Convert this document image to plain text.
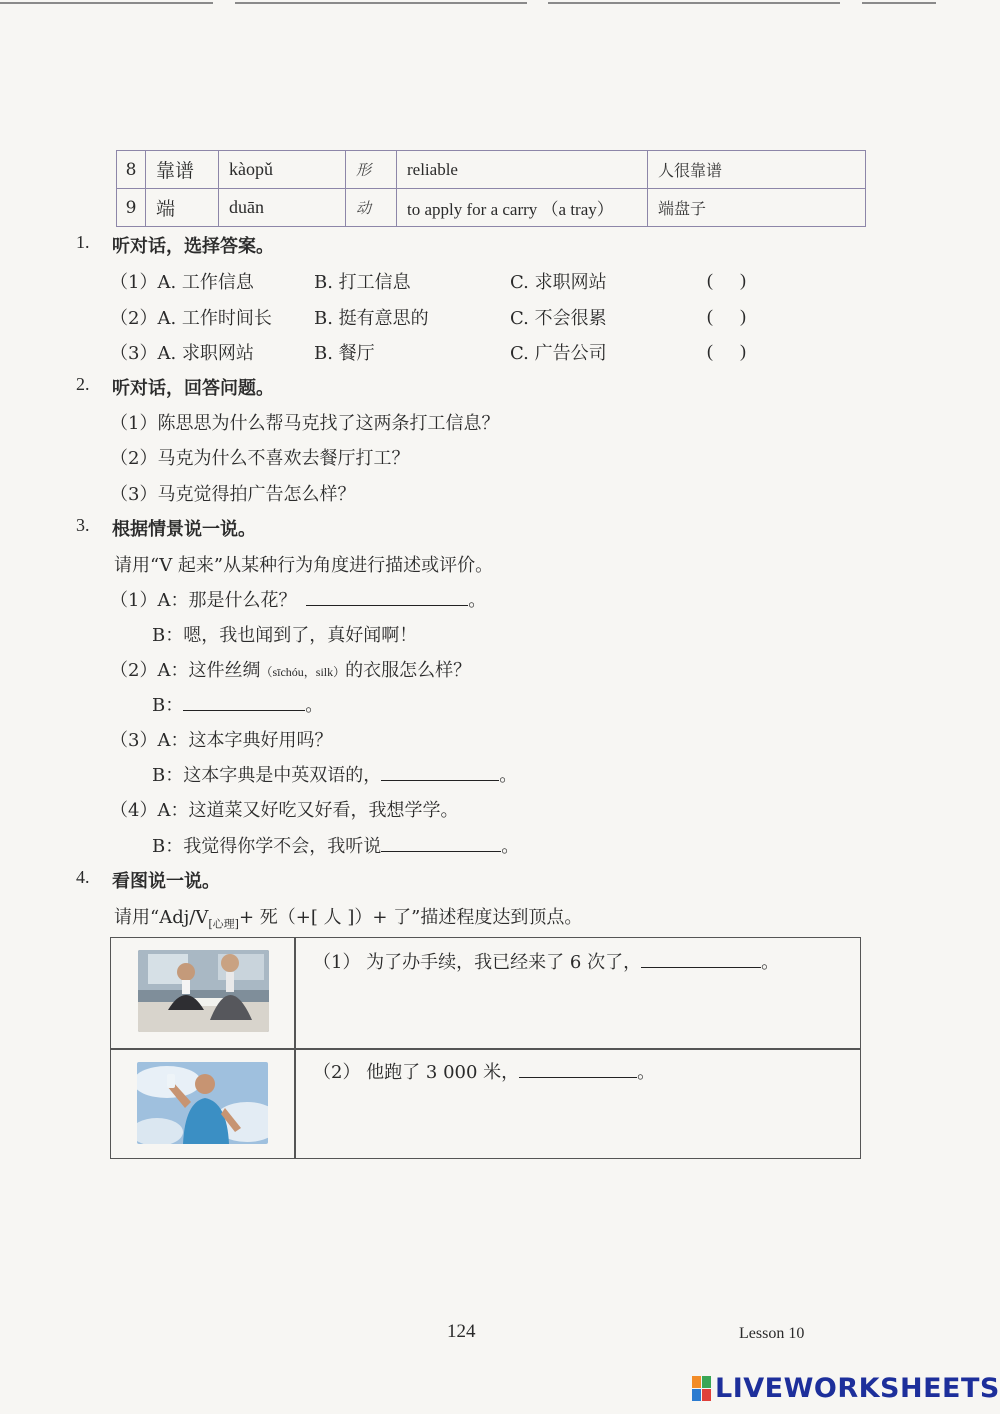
8	靠谱	kàopǔ	形	reliable	人很靠谱
9	端	duān	动	to apply for a carry （a tray）	端盘子
1. 听对话，选择答案。
（1）A. 工作信息	B. 打工信息	C. 求职网站	(      )
（2）A. 工作时间长 B. 挺有意思的	C. 不会很累	(      )
（3）A. 求职网站	B. 餐厅	C. 广告公司	(      )
2. 听对话，回答问题。
（1）陈思思为什么帮马克找了这两条打工信息？
（2）马克为什么不喜欢去餐厅打工？
（3）马克觉得拍广告怎么样？
3. 根据情景说一说。
请用“V 起来”从某种行为角度进行描述或评价。
（1）A：那是什么花？	。
B：嗯，我也闻到了，真好闻啊！
（2）A：这件丝绸（sīchóu，silk）的衣服怎么样？
B：	。
（3）A：这本字典好用吗？
B：这本字典是中英双语的，	。
（4）A：这道菜又好吃又好看，我想学学。
B：我觉得你学不会，我听说	。
4. 看图说一说。
请用“$Adj/V_{[心理]}+$ 死（+[ 人 ]）+ 了”描述程度达到顶点。
（1） 为了办手续，我已经来了 6 次了，	。
（2） 他跑了 3 000 米，	。
124	Lesson 10
LIVEWORKSHEETS
